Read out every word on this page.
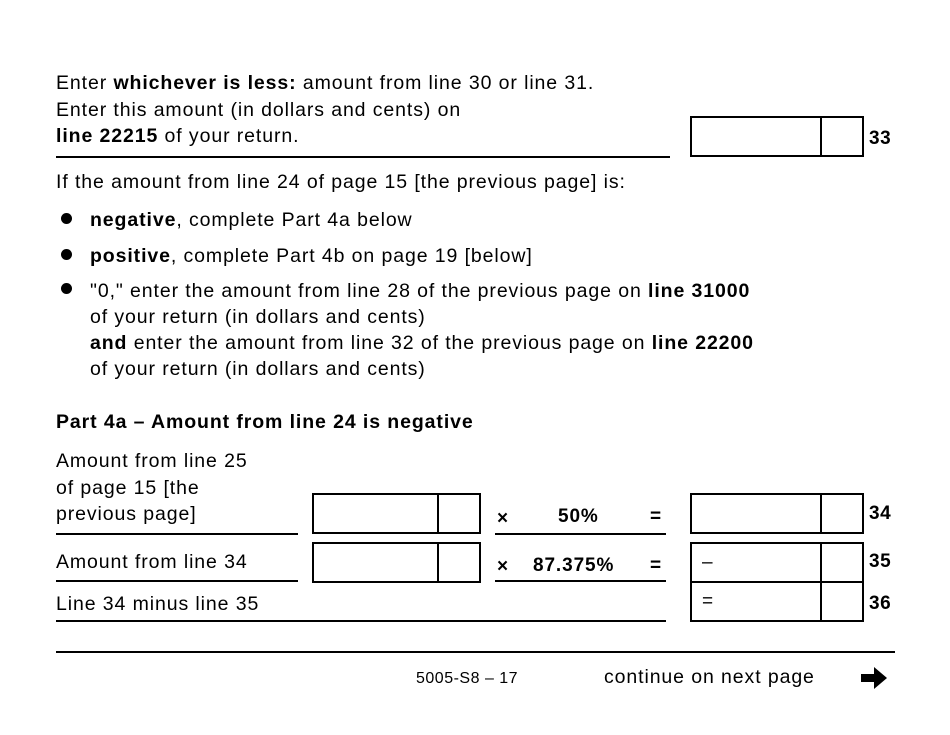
Enter whichever is less: amount from line 30 or line 31.
Enter this amount (in dollars and cents) on
line 22215 of your return.	33
If the amount from line 24 of page 15 [the previous page] is:
negative, complete Part 4a below
positive, complete Part 4b on page 19 [below]
"0," enter the amount from line 28 of the previous page on line 31000
of your return (in dollars and cents)
and enter the amount from line 32 of the previous page on line 22200
of your return (in dollars and cents)
Part 4a – Amount from line 24 is negative
Amount from line 25
of page 15 [the
previous page]	×	50%	=	34
Amount from line 34	× 87.375% = –	35
Line 34 minus line 35	=	36
5005-S8 – 17	continue on next page
